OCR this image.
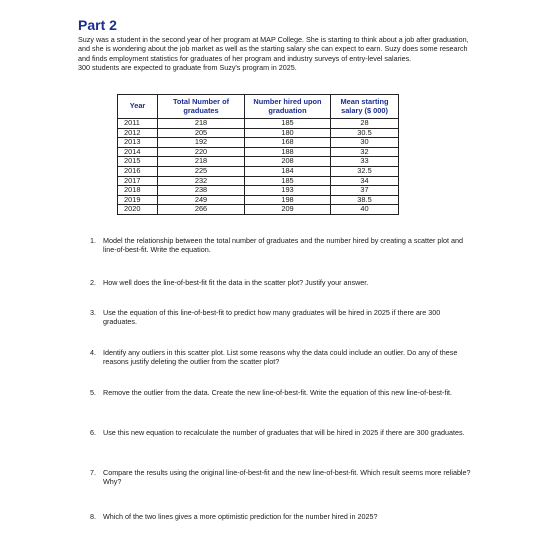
Part 2

Suzy was a student in the second year of her program at MAP College. She is starting to think about a job after graduation, and she is wondering about the job market as well as the starting salary she can expect to earn. Suzy does some research and finds employment statistics for graduates of her program and industry surveys of entry-level salaries.

300 students are expected to graduate from Suzy's program in 2025.

Year	Total Number of graduates	Number hired upon graduation	Mean starting salary ($ 000)
2011	218	185	28
2012	205	180	30.5
2013	192	168	30
2014	220	188	32
2015	218	208	33
2016	225	184	32.5
2017	232	185	34
2018	238	193	37
2019	249	198	38.5
2020	266	209	40
1. Model the relationship between the total number of graduates and the number hired by creating a scatter plot and line-of-best-fit. Write the equation.
2. How well does the line-of-best-fit fit the data in the scatter plot? Justify your answer.
3. Use the equation of this line-of-best-fit to predict how many graduates will be hired in 2025 if there are 300 graduates.
4. Identify any outliers in this scatter plot. List some reasons why the data could include an outlier. Do any of these reasons justify deleting the outlier from the scatter plot?
5. Remove the outlier from the data. Create the new line-of-best-fit. Write the equation of this new line-of-best-fit.
6. Use this new equation to recalculate the number of graduates that will be hired in 2025 if there are 300 graduates.
7. Compare the results using the original line-of-best-fit and the new line-of-best-fit. Which result seems more reliable? Why?
8. Which of the two lines gives a more optimistic prediction for the number hired in 2025?
